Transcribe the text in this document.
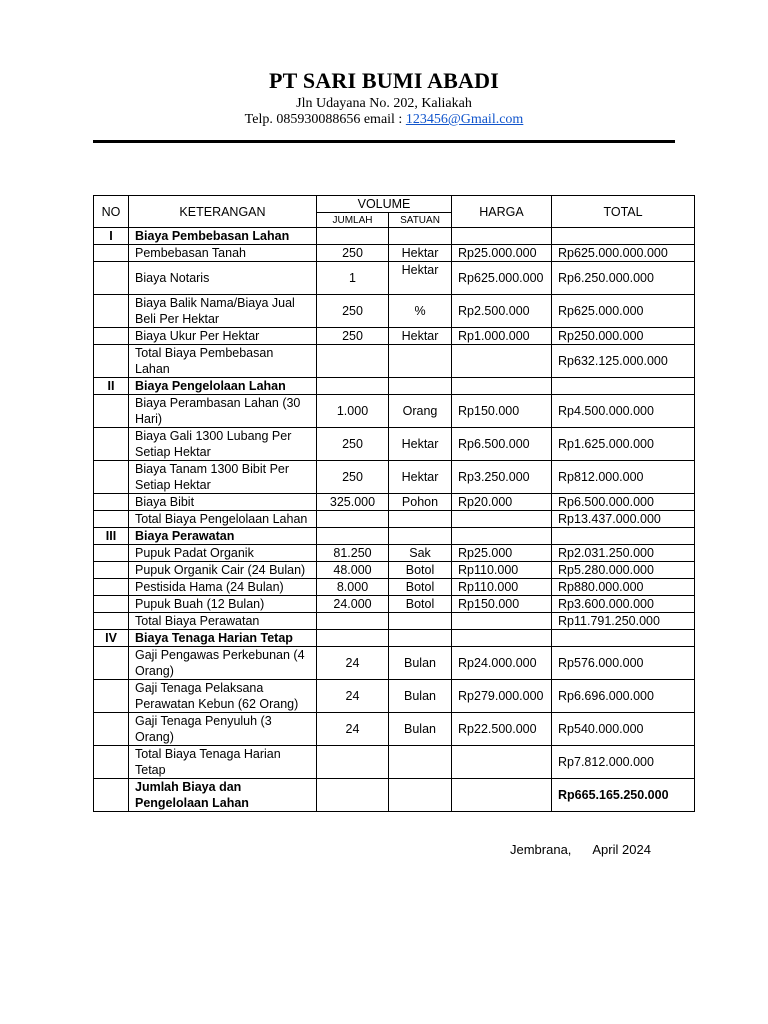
PT SARI BUMI ABADI
Jln Udayana No. 202, Kaliakah
Telp. 085930088656 email : 123456@Gmail.com
NO	KETERANGAN	VOLUME		HARGA	TOTAL
		JUMLAH	SATUAN		
I	Biaya Pembebasan Lahan				
	Pembebasan Tanah	250	Hektar	Rp25.000.000	Rp625.000.000.000
	Biaya Notaris	1	Hektar	Rp625.000.000	Rp6.250.000.000
	Biaya Balik Nama/Biaya Jual Beli Per Hektar	250	%	Rp2.500.000	Rp625.000.000
	Biaya Ukur Per Hektar	250	Hektar	Rp1.000.000	Rp250.000.000
	Total Biaya Pembebasan Lahan				Rp632.125.000.000
II	Biaya Pengelolaan Lahan				
	Biaya Perambasan Lahan (30 Hari)	1.000	Orang	Rp150.000	Rp4.500.000.000
	Biaya Gali 1300 Lubang Per Setiap Hektar	250	Hektar	Rp6.500.000	Rp1.625.000.000
	Biaya Tanam 1300 Bibit Per Setiap Hektar	250	Hektar	Rp3.250.000	Rp812.000.000
	Biaya Bibit	325.000	Pohon	Rp20.000	Rp6.500.000.000
	Total Biaya Pengelolaan Lahan				Rp13.437.000.000
III	Biaya Perawatan				
	Pupuk Padat Organik	81.250	Sak	Rp25.000	Rp2.031.250.000
	Pupuk Organik Cair (24 Bulan)	48.000	Botol	Rp110.000	Rp5.280.000.000
	Pestisida Hama (24 Bulan)	8.000	Botol	Rp110.000	Rp880.000.000
	Pupuk Buah (12 Bulan)	24.000	Botol	Rp150.000	Rp3.600.000.000
	Total Biaya Perawatan				Rp11.791.250.000
IV	Biaya Tenaga Harian Tetap				
	Gaji Pengawas Perkebunan (4 Orang)	24	Bulan	Rp24.000.000	Rp576.000.000
	Gaji Tenaga Pelaksana Perawatan Kebun (62 Orang)	24	Bulan	Rp279.000.000	Rp6.696.000.000
	Gaji Tenaga Penyuluh (3 Orang)	24	Bulan	Rp22.500.000	Rp540.000.000
	Total Biaya Tenaga Harian Tetap				Rp7.812.000.000
	Jumlah Biaya dan Pengelolaan Lahan				Rp665.165.250.000
Jembrana, April 2024
